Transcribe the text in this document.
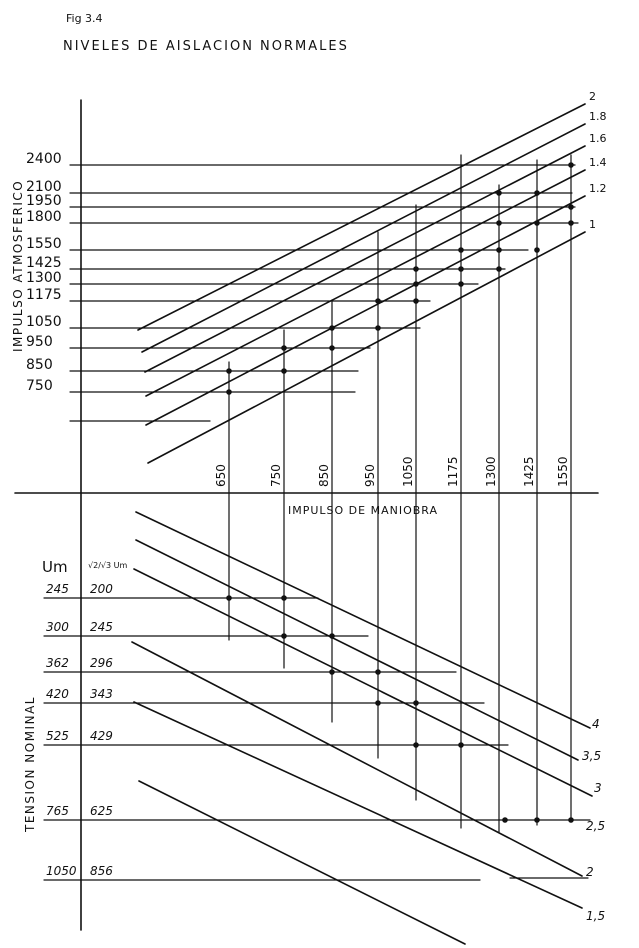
Fig 3.4
NIVELES DE AISLACION NORMALES
IMPULSO ATMOSFERICO
TENSION NOMINAL
IMPULSO DE MANIOBRA
Um	√2/√3 Um
2400
2100
1950
1800
1550
1425
1300
1175
1050
950
850
750
2
1.8
1.6
1.4
1.2
1
650	750	850	950 1050	1175 1300 1425 1550
245 200
300 245
362 296
420 343
525 429
765 625
1050 856
4
3,5
3
2,5
2
1,5
